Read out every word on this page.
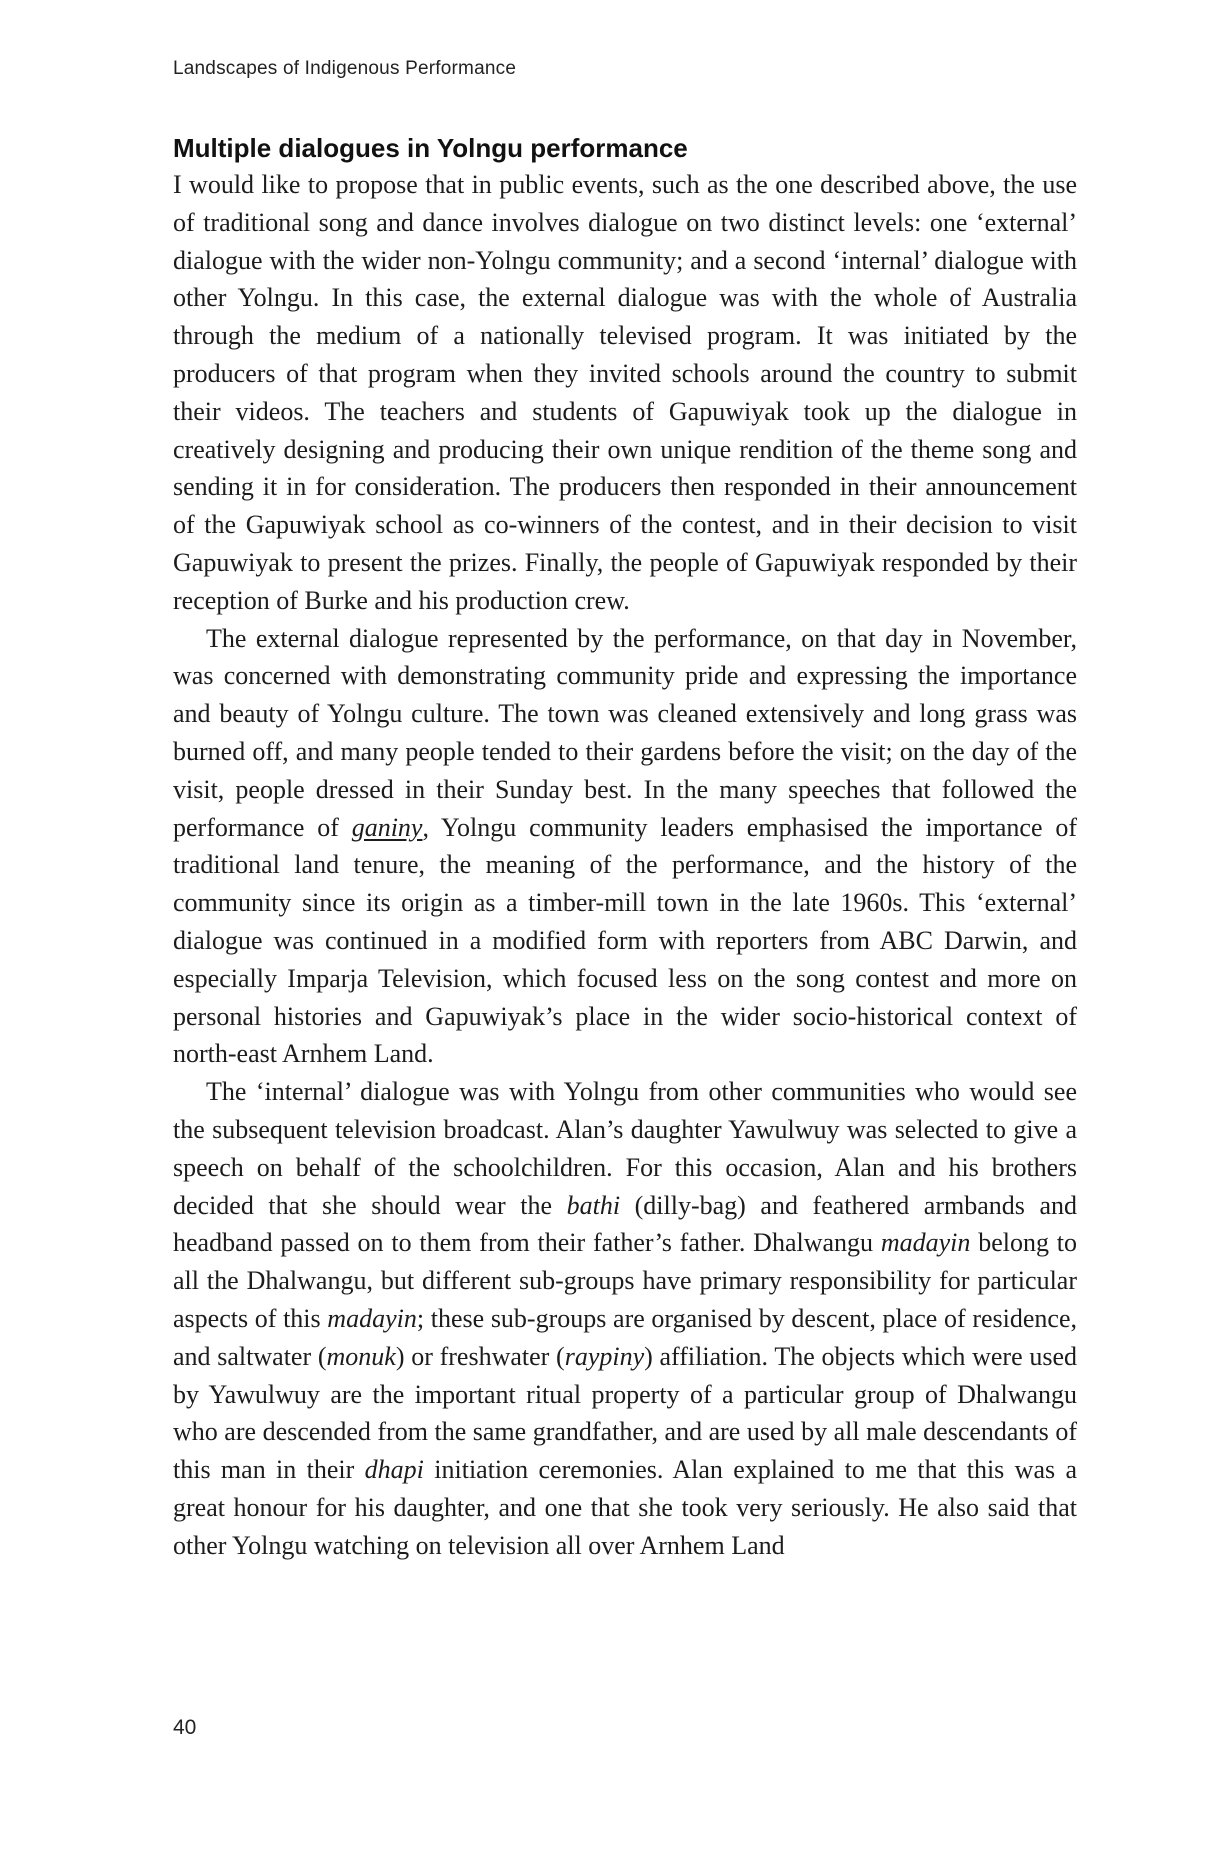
Landscapes of Indigenous Performance
Multiple dialogues in Yolngu performance

I would like to propose that in public events, such as the one described above, the use of traditional song and dance involves dialogue on two distinct levels: one ‘external’ dialogue with the wider non-Yolngu community; and a second ‘internal’ dialogue with other Yolngu. In this case, the external dialogue was with the whole of Australia through the medium of a nationally televised program. It was initiated by the producers of that program when they invited schools around the country to submit their videos. The teachers and students of Gapuwiyak took up the dialogue in creatively designing and producing their own unique rendition of the theme song and sending it in for consideration. The producers then responded in their announcement of the Gapuwiyak school as co-winners of the contest, and in their decision to visit Gapuwiyak to present the prizes. Finally, the people of Gapuwiyak responded by their reception of Burke and his production crew.

The external dialogue represented by the performance, on that day in November, was concerned with demonstrating community pride and expressing the importance and beauty of Yolngu culture. The town was cleaned extensively and long grass was burned off, and many people tended to their gardens before the visit; on the day of the visit, people dressed in their Sunday best. In the many speeches that followed the performance of ganiny, Yolngu community leaders emphasised the importance of traditional land tenure, the meaning of the performance, and the history of the community since its origin as a timber-mill town in the late 1960s. This ‘external’ dialogue was continued in a modified form with reporters from ABC Darwin, and especially Imparja Television, which focused less on the song contest and more on personal histories and Gapuwiyak’s place in the wider socio-historical context of north-east Arnhem Land.

The ‘internal’ dialogue was with Yolngu from other communities who would see the subsequent television broadcast. Alan’s daughter Yawulwuy was selected to give a speech on behalf of the schoolchildren. For this occasion, Alan and his brothers decided that she should wear the bathi (dilly-bag) and feathered armbands and headband passed on to them from their father’s father. Dhalwangu madayin belong to all the Dhalwangu, but different sub-groups have primary responsibility for particular aspects of this madayin; these sub-groups are organised by descent, place of residence, and saltwater (monuk) or freshwater (raypiny) affiliation. The objects which were used by Yawulwuy are the important ritual property of a particular group of Dhalwangu who are descended from the same grandfather, and are used by all male descendants of this man in their dhapi initiation ceremonies. Alan explained to me that this was a great honour for his daughter, and one that she took very seriously. He also said that other Yolngu watching on television all over Arnhem Land

40
